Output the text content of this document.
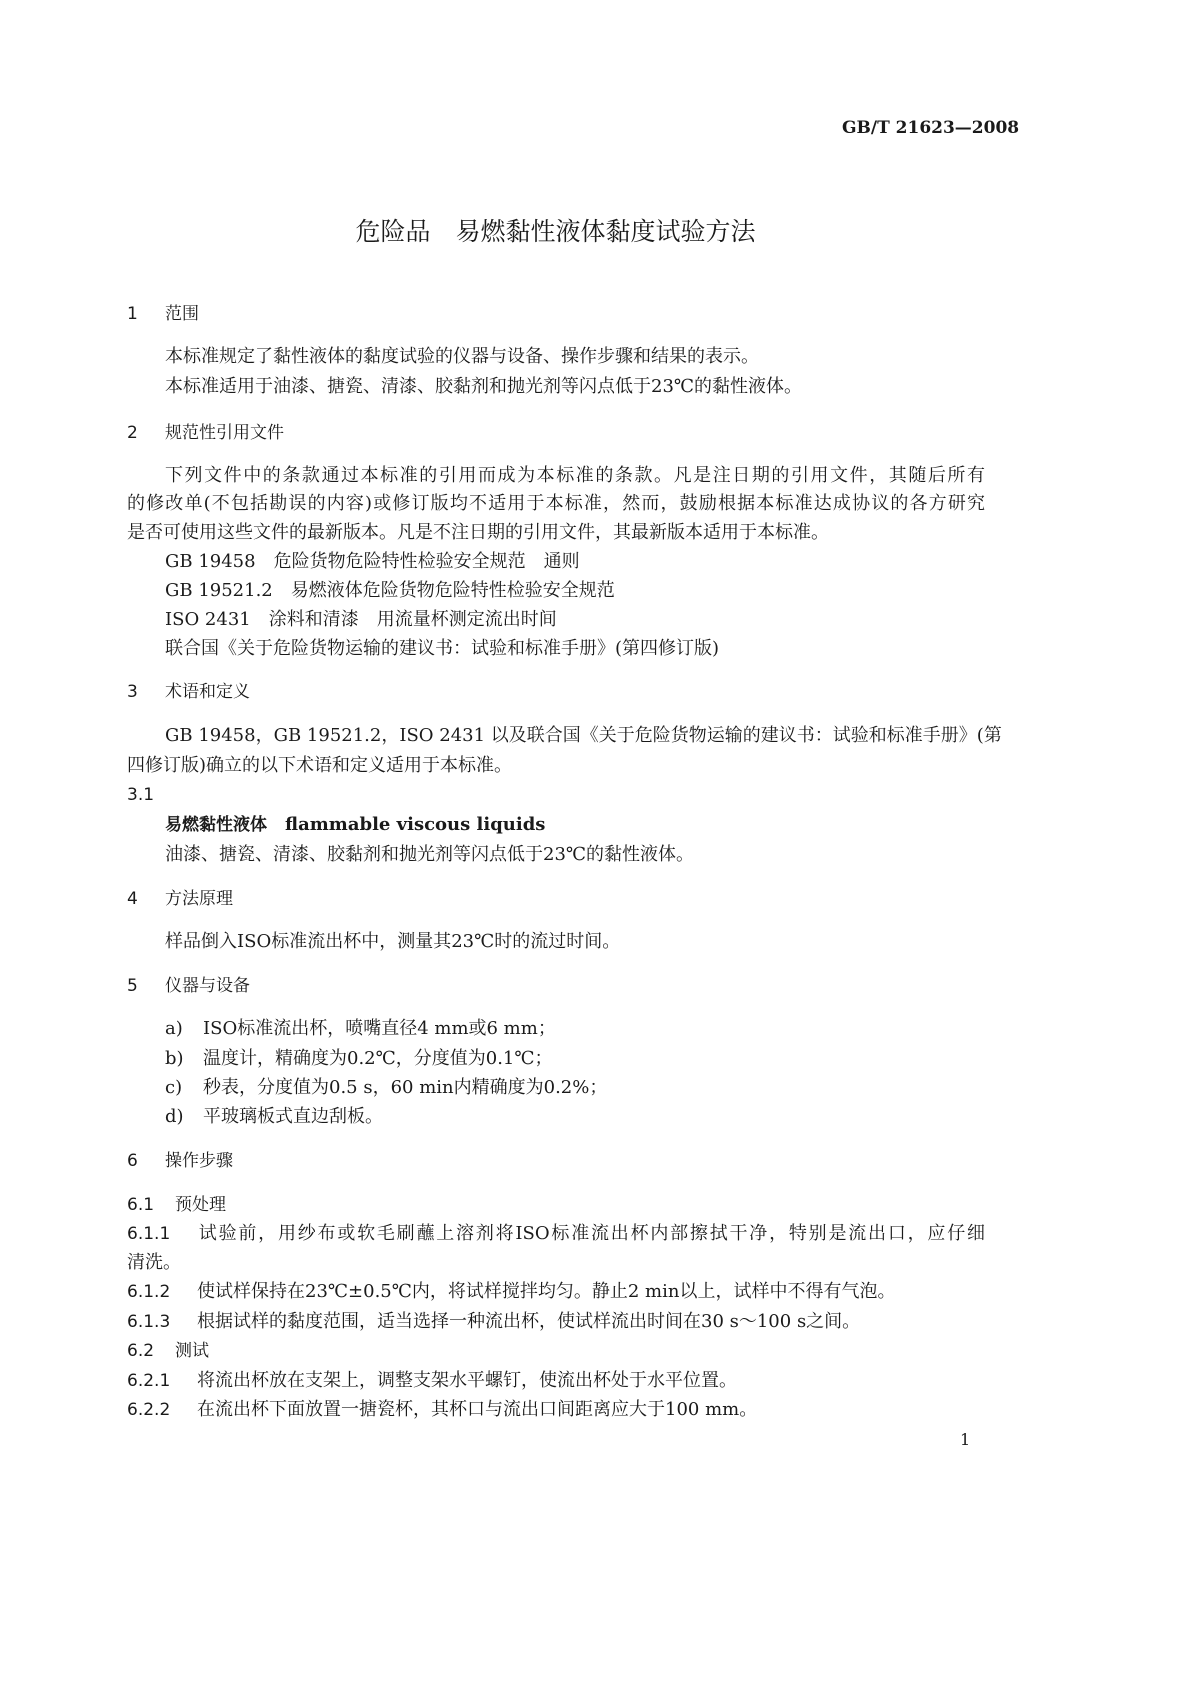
GB/T 21623—2008
危险品　易燃黏性液体黏度试验方法
1 范围
本标准规定了黏性液体的黏度试验的仪器与设备、操作步骤和结果的表示。
本标准适用于油漆、搪瓷、清漆、胶黏剂和抛光剂等闪点低于23℃的黏性液体。
2 规范性引用文件
下列文件中的条款通过本标准的引用而成为本标准的条款。凡是注日期的引用文件，其随后所有
的修改单(不包括勘误的内容)或修订版均不适用于本标准，然而，鼓励根据本标准达成协议的各方研究
是否可使用这些文件的最新版本。凡是不注日期的引用文件，其最新版本适用于本标准。
GB 19458　危险货物危险特性检验安全规范　通则
GB 19521.2　易燃液体危险货物危险特性检验安全规范
ISO 2431　涂料和清漆　用流量杯测定流出时间
联合国《关于危险货物运输的建议书：试验和标准手册》(第四修订版)
3 术语和定义
GB 19458，GB 19521.2，ISO 2431 以及联合国《关于危险货物运输的建议书：试验和标准手册》(第
四修订版)确立的以下术语和定义适用于本标准。
3.1
易燃黏性液体　 flammable viscous liquids
油漆、搪瓷、清漆、胶黏剂和抛光剂等闪点低于23℃的黏性液体。
4 方法原理
样品倒入ISO标准流出杯中，测量其23℃时的流过时间。
5 仪器与设备
a) ISO标准流出杯，喷嘴直径4 mm或6 mm；
b) 温度计，精确度为0.2℃，分度值为0.1℃；
c) 秒表，分度值为0.5 s，60 min内精确度为0.2%；
d) 平玻璃板式直边刮板。
6 操作步骤
6.1 预处理
6.1.1 试验前，用纱布或软毛刷蘸上溶剂将ISO标准流出杯内部擦拭干净，特别是流出口，应仔细
清洗。
6.1.2 使试样保持在23℃±0.5℃内，将试样搅拌均匀。静止2 min以上，试样中不得有气泡。
6.1.3 根据试样的黏度范围，适当选择一种流出杯，使试样流出时间在30 s～100 s之间。
6.2 测试
6.2.1 将流出杯放在支架上，调整支架水平螺钉，使流出杯处于水平位置。
6.2.2 在流出杯下面放置一搪瓷杯，其杯口与流出口间距离应大于100 mm。
1
